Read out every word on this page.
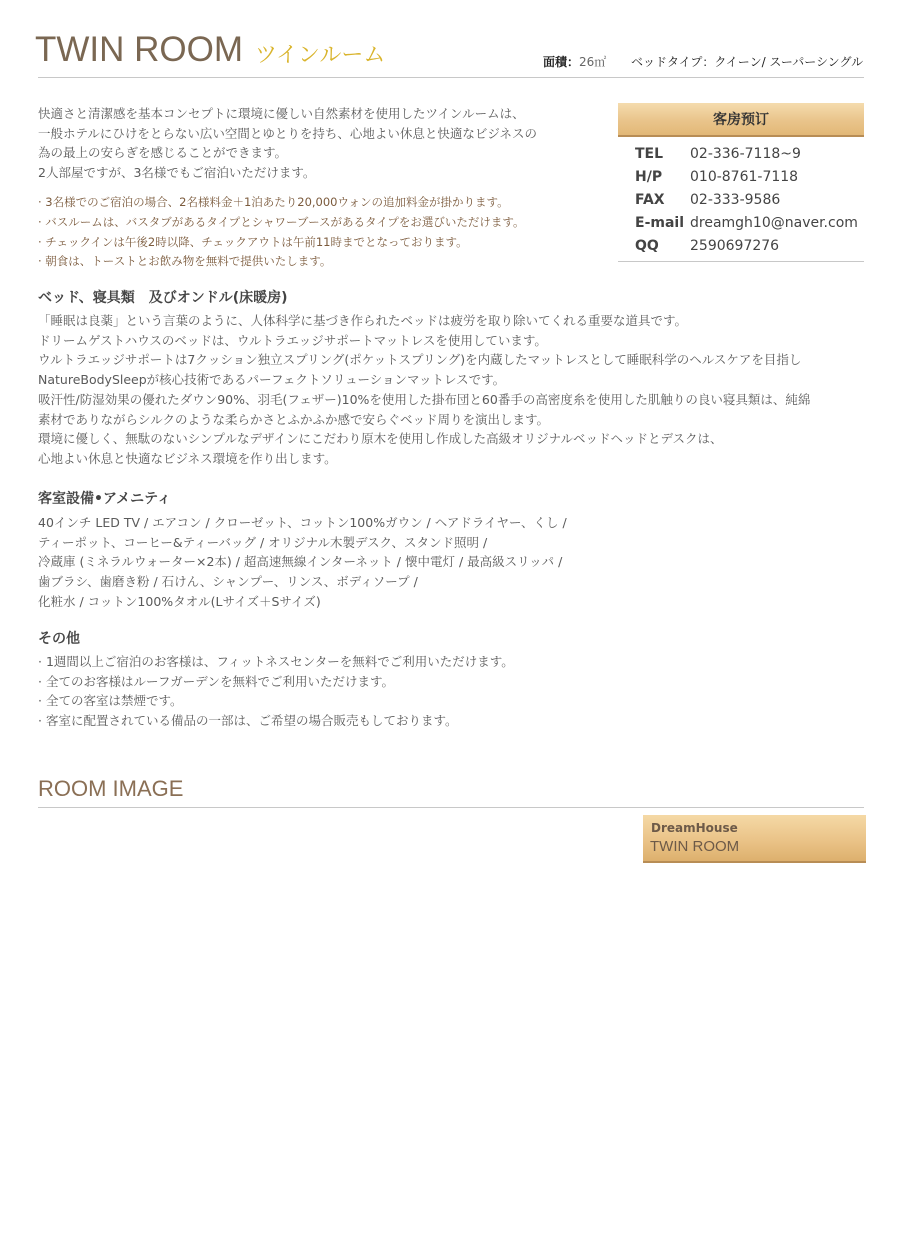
TWIN ROOM ツインルーム	面積：26㎡ ベッドタイプ：クイーン/ スーパーシングル

快適さと清潔感を基本コンセプトに環境に優しい自然素材を使用したツインルームは、

一般ホテルにひけをとらない広い空間とゆとりを持ち、心地よい休息と快適なビジネスの

為の最上の安らぎを感じることができます。

2人部屋ですが、3名様でもご宿泊いただけます。

· 3名様でのご宿泊の場合、2名様料金＋1泊あたり20,000ウォンの追加料金が掛かります。
· バスルームは、バスタブがあるタイプとシャワーブースがあるタイプをお選びいただけます。
· チェックインは午後2時以降、チェックアウトは午前11時までとなっております。
· 朝食は、トーストとお飲み物を無料で提供いたします。
客房预订
TEL	02-336-7118~9
H/P	010-8761-7118
FAX	02-333-9586
E-mail dreamgh10@naver.com
QQ	2590697276
ベッド、寝具類　及びオンドル(床暖房)
「睡眠は良薬」という言葉のように、人体科学に基づき作られたベッドは疲労を取り除いてくれる重要な道具です。
ドリームゲストハウスのベッドは、ウルトラエッジサポートマットレスを使用しています。
ウルトラエッジサポートは7クッション独立スプリング(ポケットスプリング)を内蔵したマットレスとして睡眠科学のヘルスケアを目指し
NatureBodySleepが核心技術であるパーフェクトソリューションマットレスです。
吸汗性/防湿効果の優れたダウン90%、羽毛(フェザー)10%を使用した掛布団と60番手の高密度糸を使用した肌触りの良い寝具類は、純綿
素材でありながらシルクのような柔らかさとふかふか感で安らぐベッド周りを演出します。
環境に優しく、無駄のないシンプルなデザインにこだわり原木を使用し作成した高級オリジナルベッドヘッドとデスクは、
心地よい休息と快適なビジネス環境を作り出します。
客室設備•アメニティ
40インチ LED TV / エアコン / クローゼット、コットン100%ガウン / ヘアドライヤー、くし /
ティーポット、コーヒー&ティーバッグ / オリジナル木製デスク、スタンド照明 /
冷蔵庫 (ミネラルウォーター×2本) / 超高速無線インターネット / 懐中電灯 / 最高級スリッパ /
歯ブラシ、歯磨き粉 / 石けん、シャンプー、リンス、ボディソープ /
化粧水 / コットン100%タオル(Lサイズ＋Sサイズ)
その他
· 1週間以上ご宿泊のお客様は、フィットネスセンターを無料でご利用いただけます。
· 全てのお客様はルーフガーデンを無料でご利用いただけます。
· 全ての客室は禁煙です。
· 客室に配置されている備品の一部は、ご希望の場合販売もしております。
ROOM IMAGE
DreamHouse
TWIN ROOM
